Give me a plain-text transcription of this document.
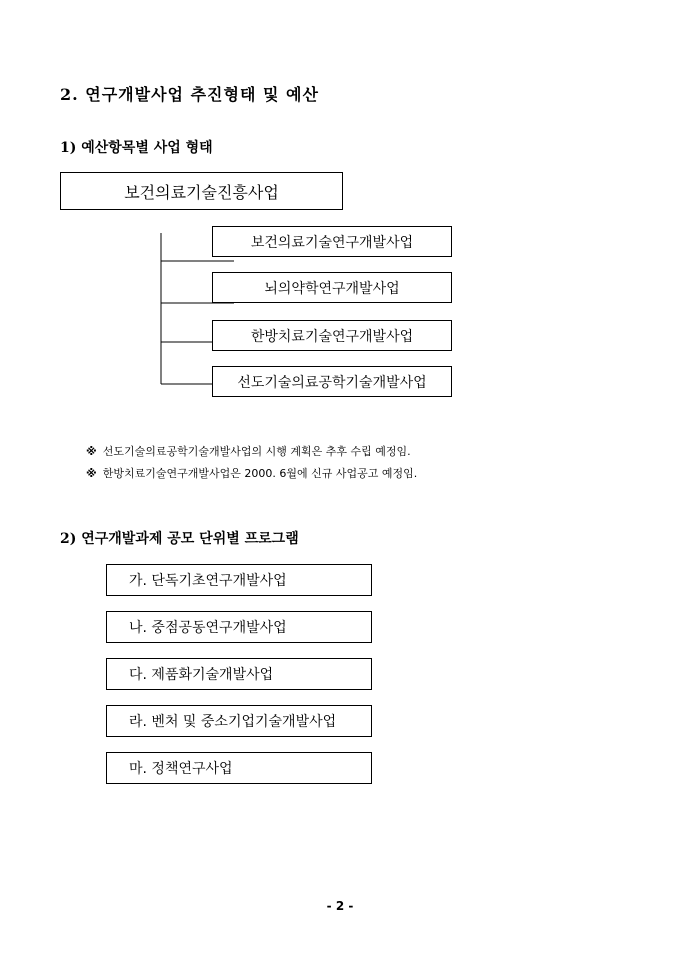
2. 연구개발사업 추진형태 및 예산
1) 예산항목별 사업 형태
보건의료기술진흥사업
보건의료기술연구개발사업
뇌의약학연구개발사업
한방치료기술연구개발사업
선도기술의료공학기술개발사업
※ 선도기술의료공학기술개발사업의 시행 계획은 추후 수립 예정임.
※ 한방치료기술연구개발사업은 2000. 6월에 신규 사업공고 예정임.
2) 연구개발과제 공모 단위별 프로그램
가. 단독기초연구개발사업
나. 중점공동연구개발사업
다. 제품화기술개발사업
라. 벤처 및 중소기업기술개발사업
마. 정책연구사업
- 2 -
